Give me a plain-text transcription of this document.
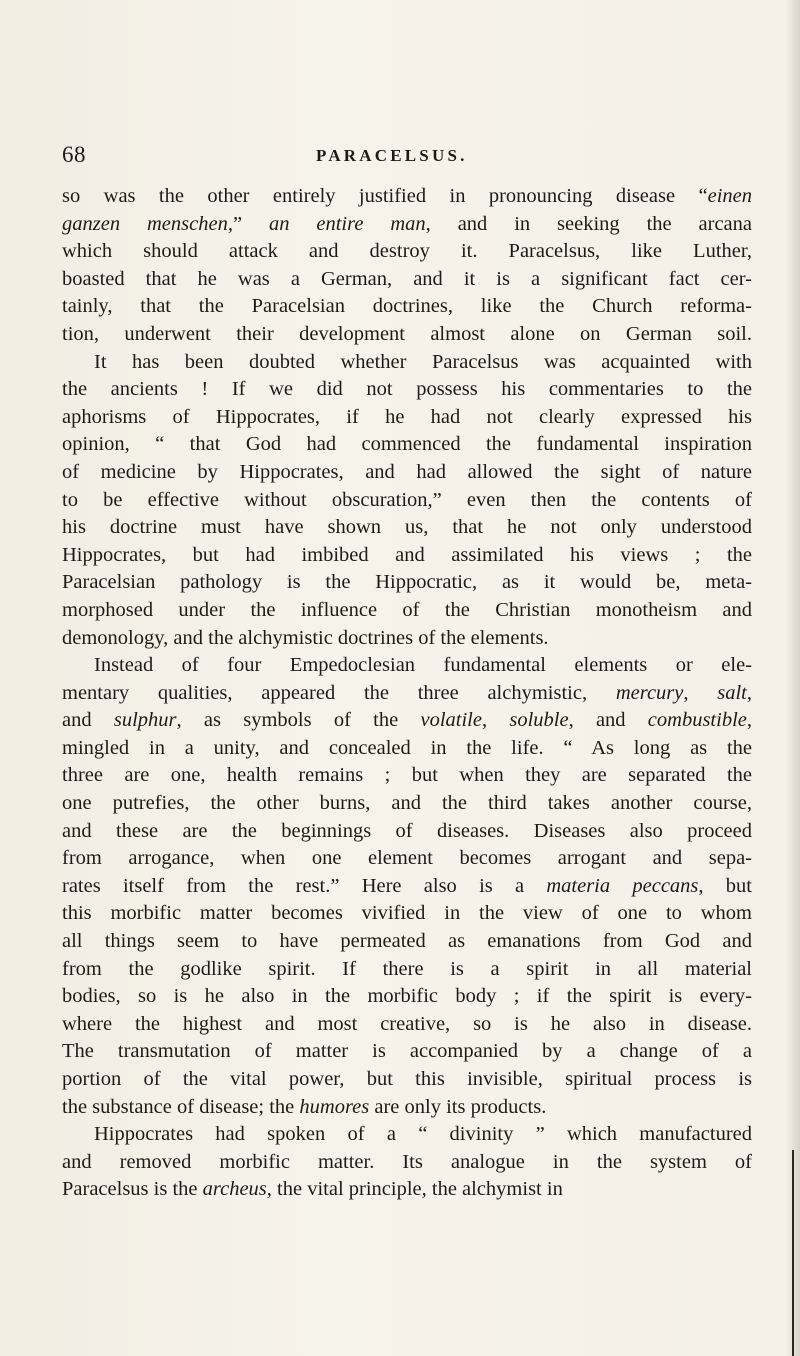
68	PARACELSUS.
so was the other entirely justified in pronouncing disease “einen
ganzen menschen,” an entire man, and in seeking the arcana
which should attack and destroy it. Paracelsus, like Luther,
boasted that he was a German, and it is a significant fact cer-
tainly, that the Paracelsian doctrines, like the Church reforma-
tion, underwent their development almost alone on German soil.
It has been doubted whether Paracelsus was acquainted with
the ancients ! If we did not possess his commentaries to the
aphorisms of Hippocrates, if he had not clearly expressed his
opinion, “ that God had commenced the fundamental inspiration
of medicine by Hippocrates, and had allowed the sight of nature
to be effective without obscuration,” even then the contents of
his doctrine must have shown us, that he not only understood
Hippocrates, but had imbibed and assimilated his views ; the
Paracelsian pathology is the Hippocratic, as it would be, meta-
morphosed under the influence of the Christian monotheism and
demonology, and the alchymistic doctrines of the elements.
Instead of four Empedoclesian fundamental elements or ele-
mentary qualities, appeared the three alchymistic, mercury, salt,
and sulphur, as symbols of the volatile, soluble, and combustible,
mingled in a unity, and concealed in the life. “ As long as the
three are one, health remains ; but when they are separated the
one putrefies, the other burns, and the third takes another course,
and these are the beginnings of diseases. Diseases also proceed
from arrogance, when one element becomes arrogant and sepa-
rates itself from the rest.” Here also is a materia peccans, but
this morbific matter becomes vivified in the view of one to whom
all things seem to have permeated as emanations from God and
from the godlike spirit. If there is a spirit in all material
bodies, so is he also in the morbific body ; if the spirit is every-
where the highest and most creative, so is he also in disease.
The transmutation of matter is accompanied by a change of a
portion of the vital power, but this invisible, spiritual process is
the substance of disease; the humores are only its products.
Hippocrates had spoken of a “ divinity ” which manufactured
and removed morbific matter. Its analogue in the system of
Paracelsus is the archeus, the vital principle, the alchymist in
